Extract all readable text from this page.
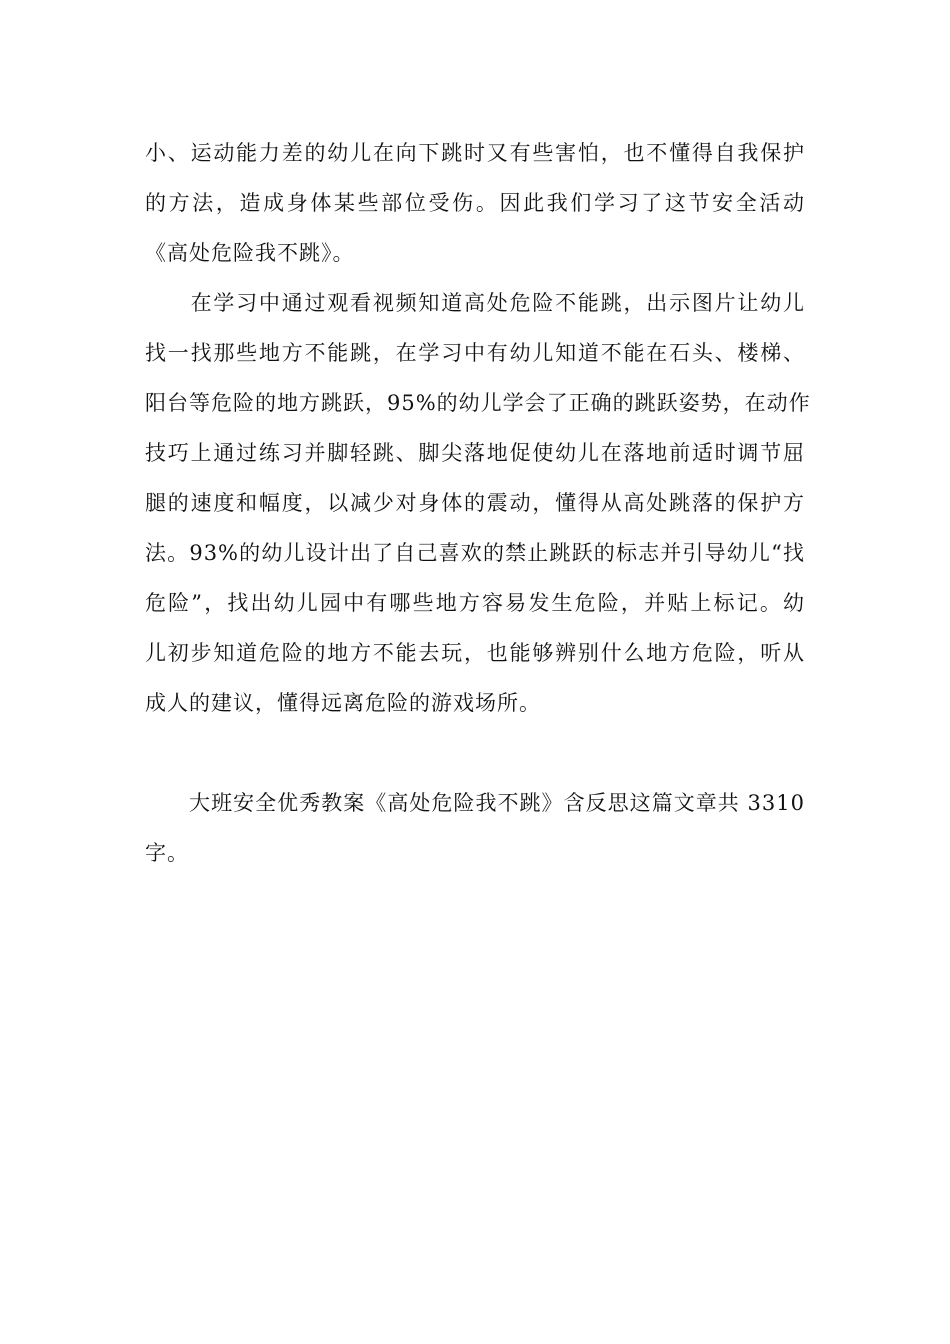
小、运动能力差的幼儿在向下跳时又有些害怕，也不懂得自我保护
的方法，造成身体某些部位受伤。因此我们学习了这节安全活动
《高处危险我不跳》。
　　在学习中通过观看视频知道高处危险不能跳，出示图片让幼儿
找一找那些地方不能跳，在学习中有幼儿知道不能在石头、楼梯、
阳台等危险的地方跳跃，95%的幼儿学会了正确的跳跃姿势，在动作
技巧上通过练习并脚轻跳、脚尖落地促使幼儿在落地前适时调节屈
腿的速度和幅度，以减少对身体的震动，懂得从高处跳落的保护方
法。93%的幼儿设计出了自己喜欢的禁止跳跃的标志并引导幼儿“找
危险”，找出幼儿园中有哪些地方容易发生危险，并贴上标记。幼
儿初步知道危险的地方不能去玩，也能够辨别什么地方危险，听从
成人的建议，懂得远离危险的游戏场所。
　　大班安全优秀教案《高处危险我不跳》含反思这篇文章共 3310
字。
